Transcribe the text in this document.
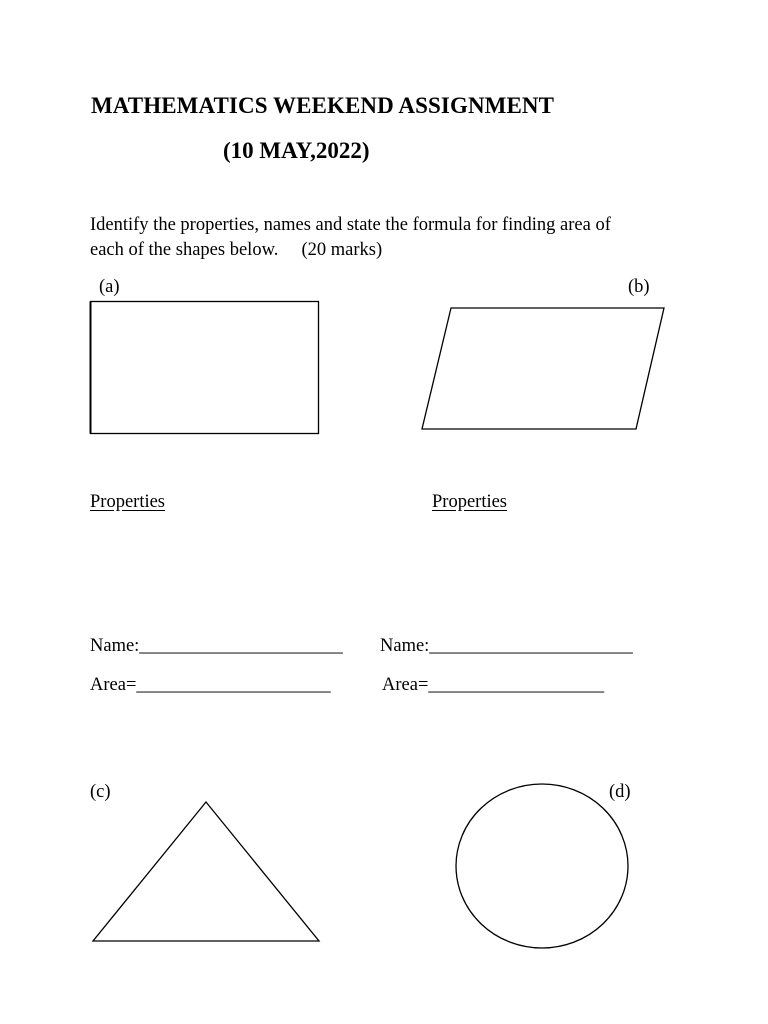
MATHEMATICS WEEKEND ASSIGNMENT
(10 MAY,2022)
Identify the properties, names and state the formula for finding area of
each of the shapes below.     (20 marks)
(a)	(b)
Properties	Properties
Name:______________________ Name:______________________
Area=_____________________	Area=___________________
(c)	(d)
